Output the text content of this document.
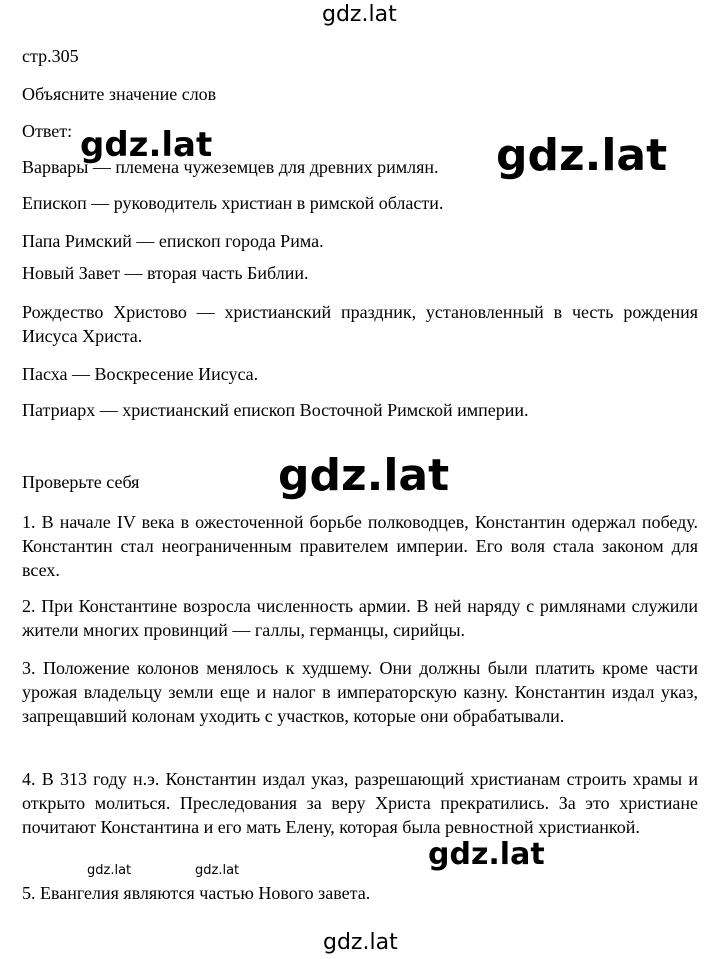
gdz.lat

стр.305

Объясните значение слов

Ответ:

Варвары — племена чужеземцев для древних римлян.

Епископ — руководитель христиан в римской области.

Папа Римский — епископ города Рима.

Новый Завет — вторая часть Библии.

Рождество Христово — христианский праздник, установленный в честь рождения Иисуса Христа.

Пасха — Воскресение Иисуса.

Патриарх — христианский епископ Восточной Римской империи.

Проверьте себя

1. В начале IV века в ожесточенной борьбе полководцев, Константин одержал победу. Константин стал неограниченным правителем империи. Его воля стала законом для всех.

2. При Константине возросла численность армии. В ней наряду с римлянами служили жители многих провинций — галлы, германцы, сирийцы.

3. Положение колонов менялось к худшему. Они должны были платить кроме части урожая владельцу земли еще и налог в императорскую казну. Константин издал указ, запрещавший колонам уходить с участков, которые они обрабатывали.

4. В 313 году н.э. Константин издал указ, разрешающий христианам строить храмы и открыто молиться. Преследования за веру Христа прекратились. За это христиане почитают Константина и его мать Елену, которая была ревностной христианкой.

5. Евангелия являются частью Нового завета.

gdz.lat	gdz.lat
gdz.lat
gdz.lat
gdz.lat	gdz.lat
gdz.lat
